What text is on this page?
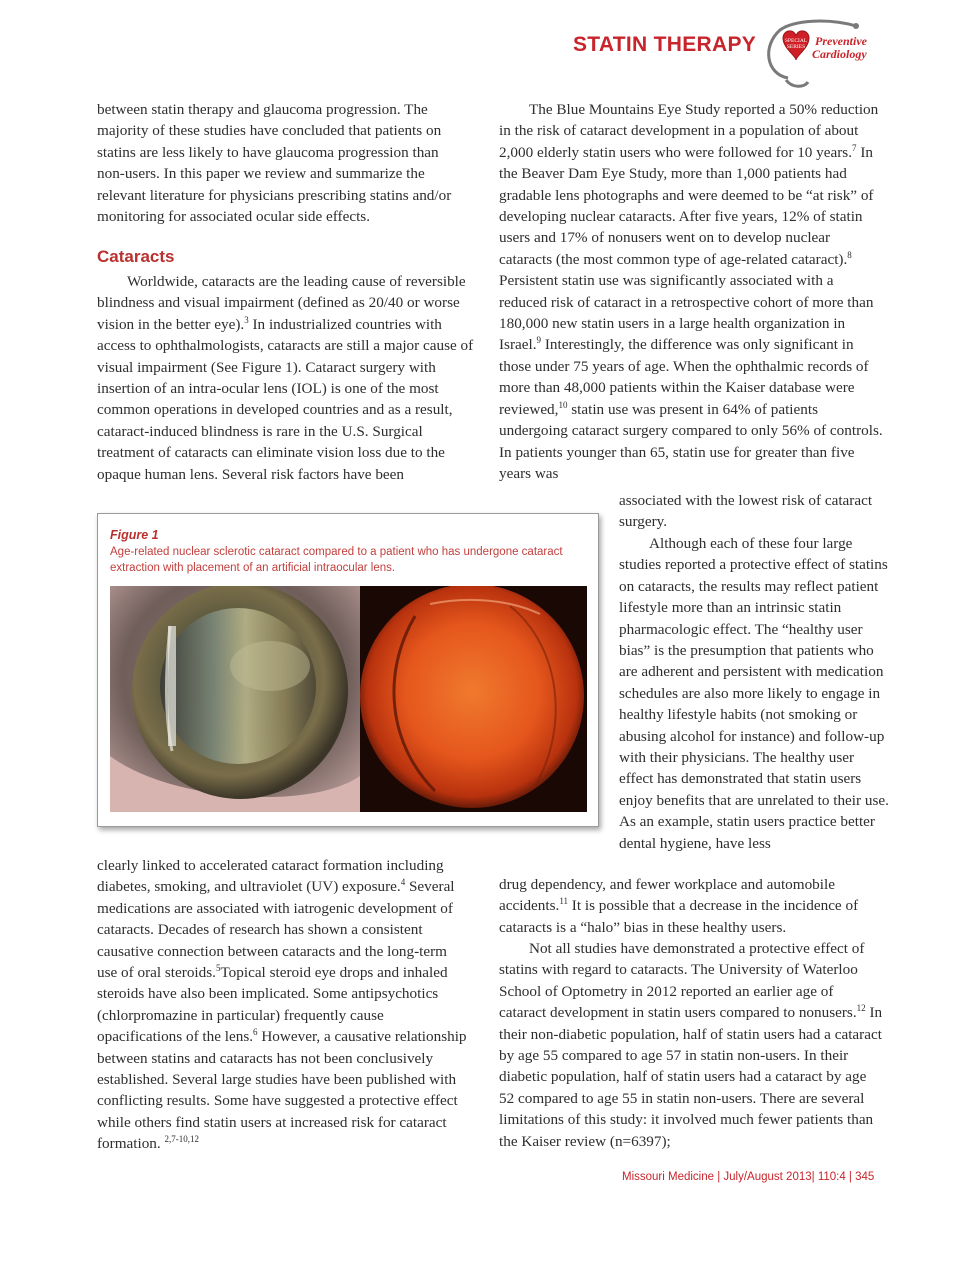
STATIN THERAPY	SPECIAL
SERIES Preventive
Cardiology

between statin therapy and glaucoma progression. The majority of these studies have concluded that patients on statins are less likely to have glaucoma progression than non-users. In this paper we review and summarize the relevant literature for physicians prescribing statins and/or monitoring for associated ocular side effects.

Cataracts

Worldwide, cataracts are the leading cause of reversible blindness and visual impairment (defined as 20/40 or worse vision in the better eye).$^3$ In industrialized countries with access to ophthalmologists, cataracts are still a major cause of visual impairment (See Figure 1). Cataract surgery with insertion of an intra-ocular lens (IOL) is one of the most common operations in developed countries and as a result, cataract-induced blindness is rare in the U.S. Surgical treatment of cataracts can eliminate vision loss due to the opaque human lens. Several risk factors have been

Figure 1
Age-related nuclear sclerotic cataract compared to a patient who has undergone cataract extraction with placement of an artificial intraocular lens.

clearly linked to accelerated cataract formation including diabetes, smoking, and ultraviolet (UV) exposure.$^4$ Several medications are associated with iatrogenic development of cataracts. Decades of research has shown a consistent causative connection between cataracts and the long-term use of oral steroids.$^5$Topical steroid eye drops and inhaled steroids have also been implicated. Some antipsychotics (chlorpromazine in particular) frequently cause opacifications of the lens.$^6$ However, a causative relationship between statins and cataracts has not been conclusively established. Several large studies have been published with conflicting results. Some have suggested a protective effect while others find statin users at increased risk for cataract formation. $^{2,7-10,12}$

The Blue Mountains Eye Study reported a 50% reduction in the risk of cataract development in a population of about 2,000 elderly statin users who were followed for 10 years.$^7$ In the Beaver Dam Eye Study, more than 1,000 patients had gradable lens photographs and were deemed to be “at risk” of developing nuclear cataracts. After five years, 12% of statin users and 17% of nonusers went on to develop nuclear cataracts (the most common type of age-related cataract).$^8$ Persistent statin use was significantly associated with a reduced risk of cataract in a retrospective cohort of more than 180,000 new statin users in a large health organization in Israel.$^9$ Interestingly, the difference was only significant in those under 75 years of age. When the ophthalmic records of more than 48,000 patients within the Kaiser database were reviewed,$^{10}$ statin use was present in 64% of patients undergoing cataract surgery compared to only 56% of controls. In patients younger than 65, statin use for greater than five years was

associated with the lowest risk of cataract surgery.

Although each of these four large studies reported a protective effect of statins on cataracts, the results may reflect patient lifestyle more than an intrinsic statin pharmacologic effect. The “healthy user bias” is the presumption that patients who are adherent and persistent with medication schedules are also more likely to engage in healthy lifestyle habits (not smoking or abusing alcohol for instance) and follow-up with their physicians. The healthy user effect has demonstrated that statin users enjoy benefits that are unrelated to their use. As an example, statin users practice better dental hygiene, have less

drug dependency, and fewer workplace and automobile accidents.$^{11}$ It is possible that a decrease in the incidence of cataracts is a “halo” bias in these healthy users.

Not all studies have demonstrated a protective effect of statins with regard to cataracts. The University of Waterloo School of Optometry in 2012 reported an earlier age of cataract development in statin users compared to nonusers.$^{12}$ In their non-diabetic population, half of statin users had a cataract by age 55 compared to age 57 in statin non-users. In their diabetic population, half of statin users had a cataract by age 52 compared to age 55 in statin non-users. There are several limitations of this study: it involved much fewer patients than the Kaiser review (n=6397);

Missouri Medicine | July/August 2013| 110:4 | 345
